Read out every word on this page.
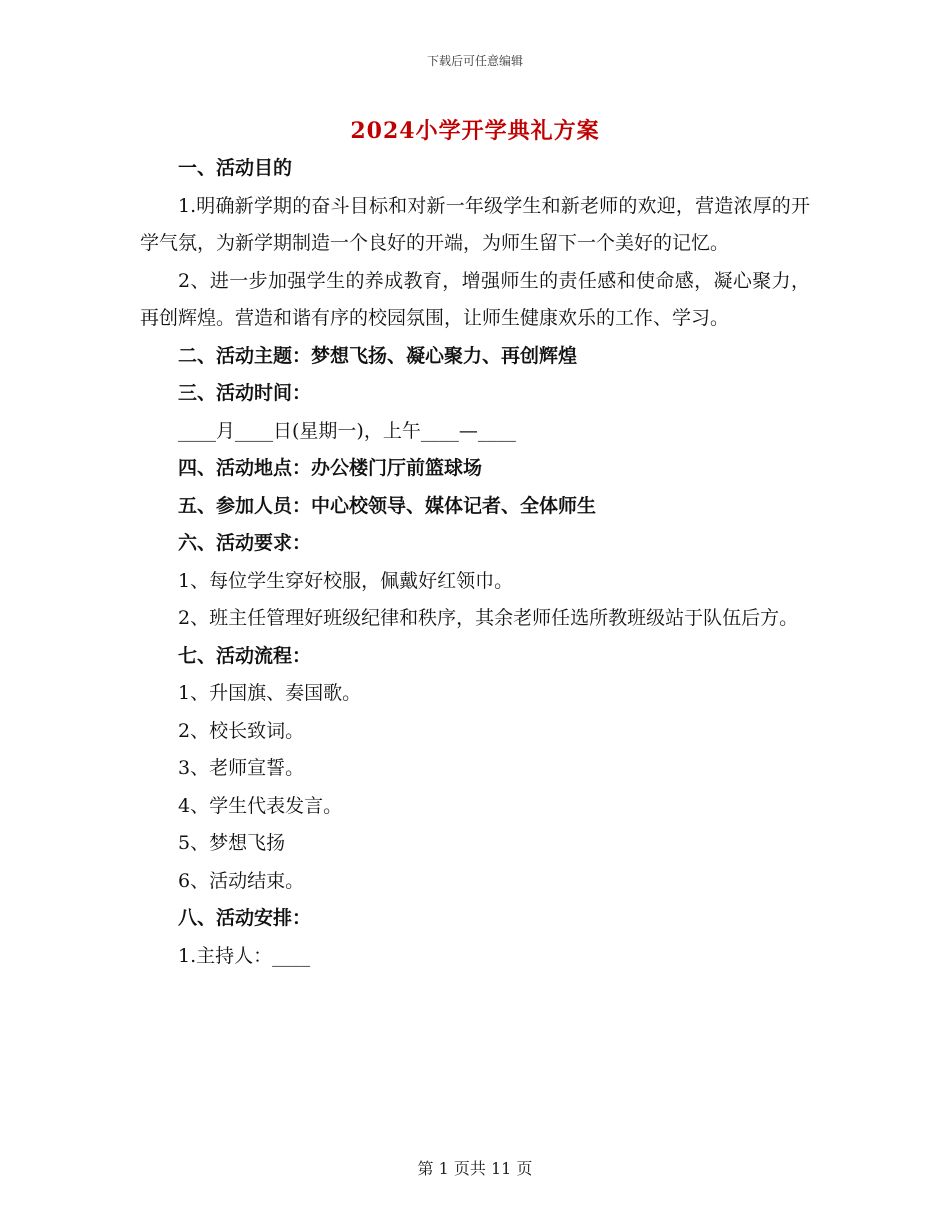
下载后可任意编辑
2024小学开学典礼方案

一、活动目的

1.明确新学期的奋斗目标和对新一年级学生和新老师的欢迎，营造浓厚的开学气氛，为新学期制造一个良好的开端，为师生留下一个美好的记忆。

2、进一步加强学生的养成教育，增强师生的责任感和使命感，凝心聚力，再创辉煌。营造和谐有序的校园氛围，让师生健康欢乐的工作、学习。

二、活动主题：梦想飞扬、凝心聚力、再创辉煌

三、活动时间：

____月____日(星期一)，上午____—____

四、活动地点：办公楼门厅前篮球场

五、参加人员：中心校领导、媒体记者、全体师生

六、活动要求：

1、每位学生穿好校服，佩戴好红领巾。

2、班主任管理好班级纪律和秩序，其余老师任选所教班级站于队伍后方。

七、活动流程：

1、升国旗、奏国歌。

2、校长致词。

3、老师宣誓。

4、学生代表发言。

5、梦想飞扬

6、活动结束。

八、活动安排：

1.主持人：____

第 1 页共 11 页
